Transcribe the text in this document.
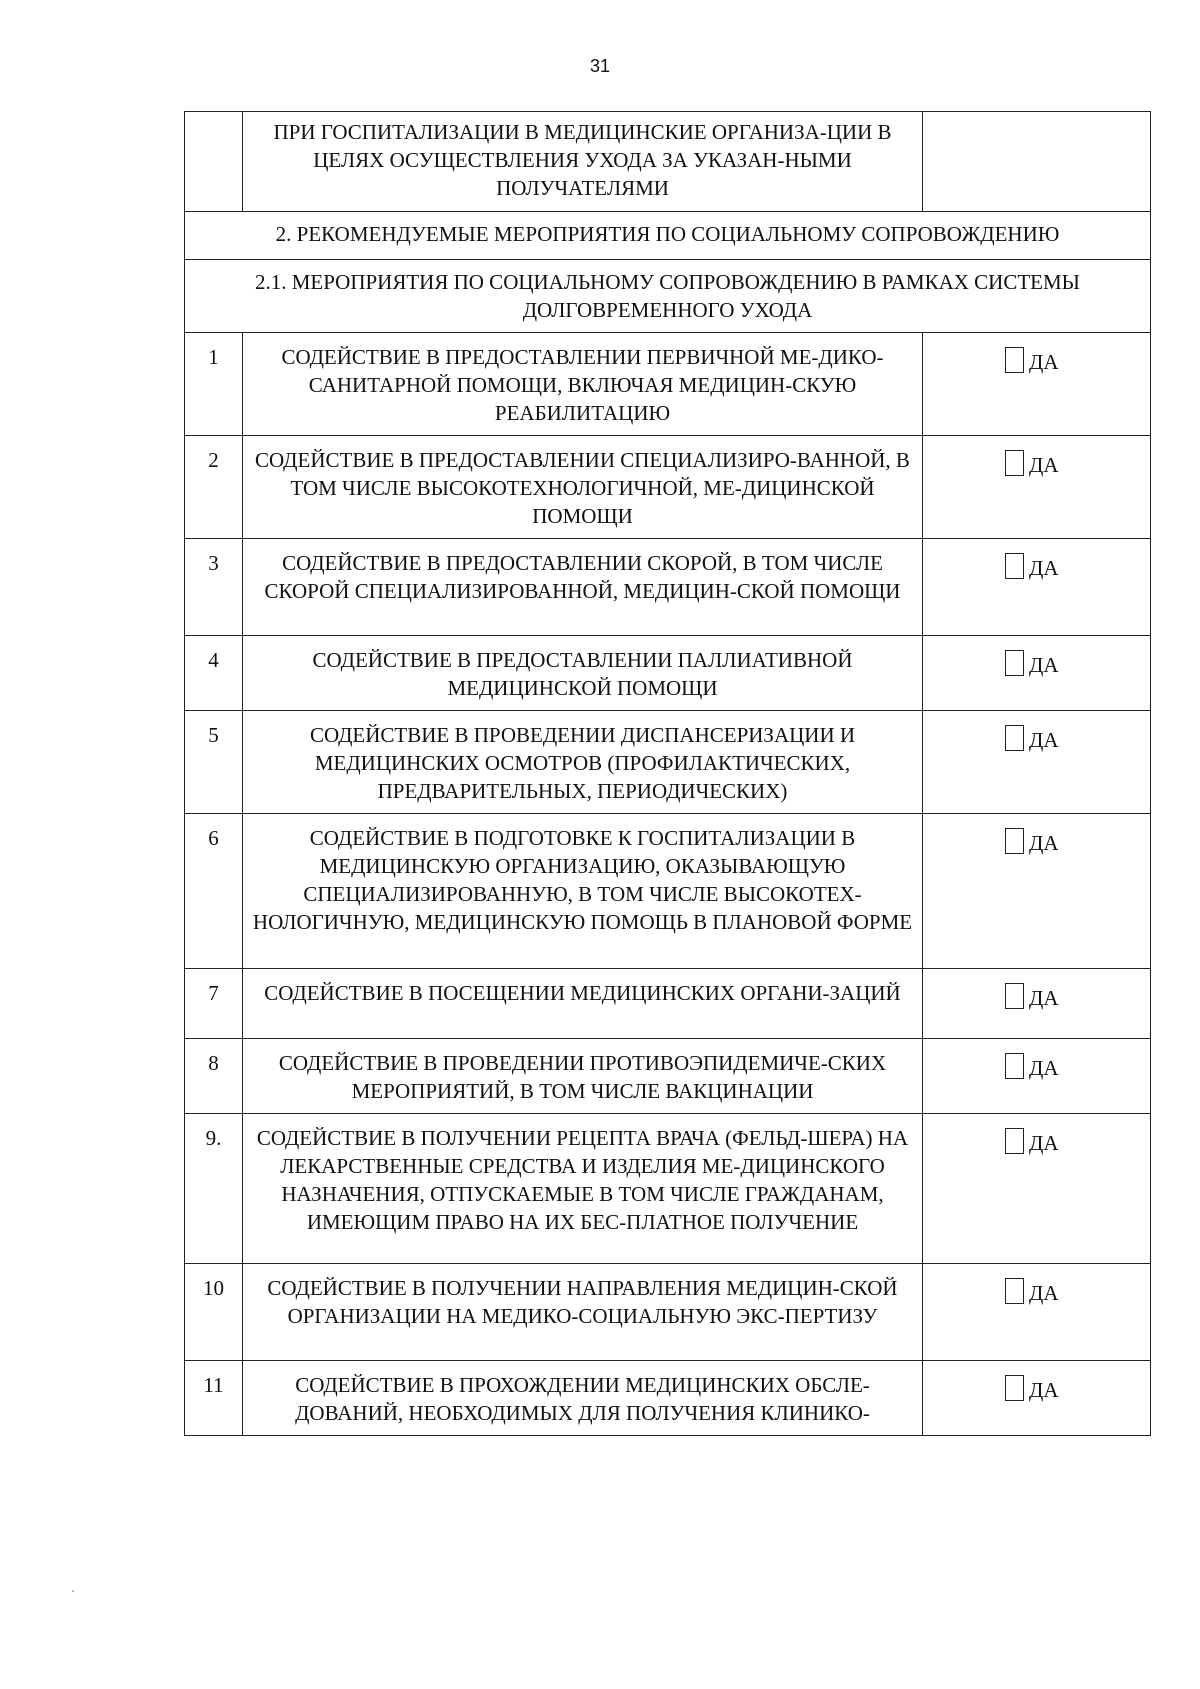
31
	ПРИ ГОСПИТАЛИЗАЦИИ В МЕДИЦИНСКИЕ ОРГАНИЗА-ЦИИ В ЦЕЛЯХ ОСУЩЕСТВЛЕНИЯ УХОДА ЗА УКАЗАН-НЫМИ ПОЛУЧАТЕЛЯМИ	
2. РЕКОМЕНДУЕМЫЕ МЕРОПРИЯТИЯ ПО СОЦИАЛЬНОМУ СОПРОВОЖДЕНИЮ		
2.1. МЕРОПРИЯТИЯ ПО СОЦИАЛЬНОМУ СОПРОВОЖДЕНИЮ В РАМКАХ СИСТЕМЫ ДОЛГОВРЕМЕННОГО УХОДА		
1	СОДЕЙСТВИЕ В ПРЕДОСТАВЛЕНИИ ПЕРВИЧНОЙ МЕ-ДИКО-САНИТАРНОЙ ПОМОЩИ, ВКЛЮЧАЯ МЕДИЦИН-СКУЮ РЕАБИЛИТАЦИЮ	ДА

2	СОДЕЙСТВИЕ В ПРЕДОСТАВЛЕНИИ СПЕЦИАЛИЗИРО-ВАННОЙ, В ТОМ ЧИСЛЕ ВЫСОКОТЕХНОЛОГИЧНОЙ, МЕ-ДИЦИНСКОЙ ПОМОЩИ	ДА

3	СОДЕЙСТВИЕ В ПРЕДОСТАВЛЕНИИ СКОРОЙ, В ТОМ ЧИСЛЕ СКОРОЙ СПЕЦИАЛИЗИРОВАННОЙ, МЕДИЦИН-СКОЙ ПОМОЩИ	ДА

4	СОДЕЙСТВИЕ В ПРЕДОСТАВЛЕНИИ ПАЛЛИАТИВНОЙ МЕДИЦИНСКОЙ ПОМОЩИ	ДА

5	СОДЕЙСТВИЕ В ПРОВЕДЕНИИ ДИСПАНСЕРИЗАЦИИ И МЕДИЦИНСКИХ ОСМОТРОВ (ПРОФИЛАКТИЧЕСКИХ, ПРЕДВАРИТЕЛЬНЫХ, ПЕРИОДИЧЕСКИХ)	ДА

6	СОДЕЙСТВИЕ В ПОДГОТОВКЕ К ГОСПИТАЛИЗАЦИИ В МЕДИЦИНСКУЮ ОРГАНИЗАЦИЮ, ОКАЗЫВАЮЩУЮ СПЕЦИАЛИЗИРОВАННУЮ, В ТОМ ЧИСЛЕ ВЫСОКОТЕХ-НОЛОГИЧНУЮ, МЕДИЦИНСКУЮ ПОМОЩЬ В ПЛАНОВОЙ ФОРМЕ	ДА

7	СОДЕЙСТВИЕ В ПОСЕЩЕНИИ МЕДИЦИНСКИХ ОРГАНИ-ЗАЦИЙ	ДА

8	СОДЕЙСТВИЕ В ПРОВЕДЕНИИ ПРОТИВОЭПИДЕМИЧЕ-СКИХ МЕРОПРИЯТИЙ, В ТОМ ЧИСЛЕ ВАКЦИНАЦИИ	ДА

9.	СОДЕЙСТВИЕ В ПОЛУЧЕНИИ РЕЦЕПТА ВРАЧА (ФЕЛЬД-ШЕРА) НА ЛЕКАРСТВЕННЫЕ СРЕДСТВА И ИЗДЕЛИЯ МЕ-ДИЦИНСКОГО НАЗНАЧЕНИЯ, ОТПУСКАЕМЫЕ В ТОМ ЧИСЛЕ ГРАЖДАНАМ, ИМЕЮЩИМ ПРАВО НА ИХ БЕС-ПЛАТНОЕ ПОЛУЧЕНИЕ	ДА

10	СОДЕЙСТВИЕ В ПОЛУЧЕНИИ НАПРАВЛЕНИЯ МЕДИЦИН-СКОЙ ОРГАНИЗАЦИИ НА МЕДИКО-СОЦИАЛЬНУЮ ЭКС-ПЕРТИЗУ	ДА

11	СОДЕЙСТВИЕ В ПРОХОЖДЕНИИ МЕДИЦИНСКИХ ОБСЛЕ-ДОВАНИЙ, НЕОБХОДИМЫХ ДЛЯ ПОЛУЧЕНИЯ КЛИНИКО-	ДА
